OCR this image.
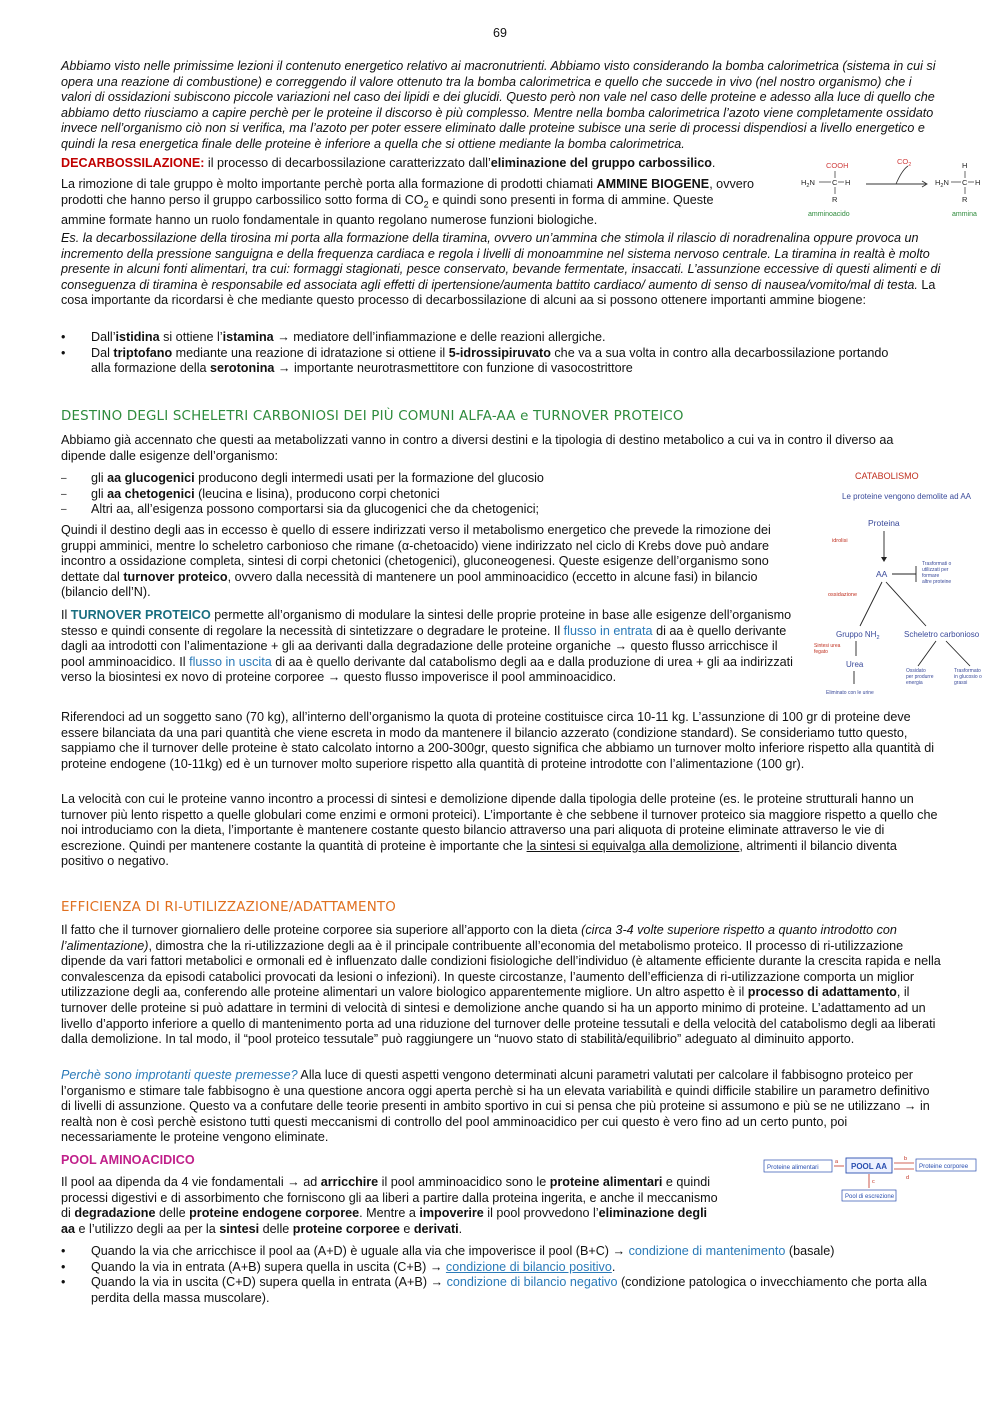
69

Abbiamo visto nelle primissime lezioni il contenuto energetico relativo ai macronutrienti. Abbiamo visto considerando la bomba calorimetrica (sistema in cui si opera una reazione di combustione) e correggendo il valore ottenuto tra la bomba calorimetrica e quello che succede in vivo (nel nostro organismo) che i valori di ossidazioni subiscono piccole variazioni nel caso dei lipidi e dei glucidi. Questo però non vale nel caso delle proteine e adesso alla luce di quello che abbiamo detto riusciamo a capire perchè per le proteine il discorso è più complesso. Mentre nella bomba calorimetrica l’azoto viene completamente ossidato invece nell’organismo ciò non si verifica, ma l’azoto per poter essere eliminato dalle proteine subisce una serie di processi dispendiosi a livello energetico e quindi la resa energetica finale delle proteine è inferiore a quella che si ottiene mediante la bomba calorimetrica.

DECARBOSSILAZIONE: il processo di decarbossilazione caratterizzato dall’eliminazione del gruppo carbossilico.

La rimozione di tale gruppo è molto importante perchè porta alla formazione di prodotti chiamati AMMINE BIOGENE, ovvero prodotti che hanno perso il gruppo carbossilico sotto forma di $CO_2$ e quindi sono presenti in forma di ammine. Queste ammine formate hanno un ruolo fondamentale in quanto regolano numerose funzioni biologiche.

COOH
$H_2N$ C H
R
amminoacido
$CO_2$	H
$H_2N$ C H
R
ammina

Es. la decarbossilazione della tirosina mi porta alla formazione della tiramina, ovvero un’ammina che stimola il rilascio di noradrenalina oppure provoca un incremento della pressione sanguigna e della frequenza cardiaca e regola i livelli di monoammine nel sistema nervoso centrale. La tiramina in realtà è molto presente in alcuni fonti alimentari, tra cui: formaggi stagionati, pesce conservato, bevande fermentate, insaccati. L’assunzione eccessive di questi alimenti e di conseguenza di tiramina è responsabile ed associata agli effetti di ipertensione/aumenta battito cardiaco/ aumento di senso di nausea/vomito/mal di testa. La cosa importante da ricordarsi è che mediante questo processo di decarbossilazione di alcuni aa si possono ottenere importanti ammine biogene:

• Dall’istidina si ottiene l’istamina → mediatore dell’infiammazione e delle reazioni allergiche.
• Dal triptofano mediante una reazione di idratazione si ottiene il 5-idrossipiruvato che va a sua volta in contro alla decarbossilazione portando alla formazione della serotonina → importante neurotrasmettitore con funzione di vasocostrittore
DESTINO DEGLI SCHELETRI CARBONIOSI DEI PIÙ COMUNI ALFA-AA e TURNOVER PROTEICO

Abbiamo già accennato che questi aa metabolizzati vanno in contro a diversi destini e la tipologia di destino metabolico a cui va in contro il diverso aa dipende dalle esigenze dell’organismo:

– gli aa glucogenici producono degli intermedi usati per la formazione del glucosio
– gli aa chetogenici (leucina e lisina), producono corpi chetonici
– Altri aa, all’esigenza possono comportarsi sia da glucogenici che da chetogenici;

Quindi il destino degli aas in eccesso è quello di essere indirizzati verso il metabolismo energetico che prevede la rimozione dei gruppi amminici, mentre lo scheletro carbonioso che rimane (α-chetoacido) viene indirizzato nel ciclo di Krebs dove può andare incontro a ossidazione completa, sintesi di corpi chetonici (chetogenici), gluconeogenesi. Queste esigenze dell’organismo sono dettate dal turnover proteico, ovvero dalla necessità di mantenere un pool amminoacidico (eccetto in alcune fasi) in bilancio (bilancio dell’N).

Il TURNOVER PROTEICO permette all’organismo di modulare la sintesi delle proprie proteine in base alle esigenze dell’organismo stesso e quindi consente di regolare la necessità di sintetizzare o degradare le proteine. Il flusso in entrata di aa è quello derivante dagli aa introdotti con l’alimentazione + gli aa derivanti dalla degradazione delle proteine organiche → questo flusso arricchisce il pool amminoacidico. Il flusso in uscita di aa è quello derivante dal catabolismo degli aa e dalla produzione di urea + gli aa indirizzati verso la biosintesi ex novo di proteine corporee → questo flusso impoverisce il pool amminoacidico.

CATABOLISMO
Le proteine vengono demolite ad AA
Proteina
idrolisi
AA
Trasformati o utilizzati per formare altre proteine
ossidazione
Gruppo $NH_2$	Scheletro carbonioso
Sintesi urea fegato
Urea
Eliminato con le urine
Ossidato per produrre energia
Trasformato in glucosio o grassi

Riferendoci ad un soggetto sano (70 kg), all’interno dell’organismo la quota di proteine costituisce circa 10-11 kg. L’assunzione di 100 gr di proteine deve essere bilanciata da una pari quantità che viene escreta in modo da mantenere il bilancio azzerato (condizione standard). Se consideriamo tutto questo, sappiamo che il turnover delle proteine è stato calcolato intorno a 200-300gr, questo significa che abbiamo un turnover molto inferiore rispetto alla quantità di proteine endogene (10-11kg) ed è un turnover molto superiore rispetto alla quantità di proteine introdotte con l’alimentazione (100 gr).

La velocità con cui le proteine vanno incontro a processi di sintesi e demolizione dipende dalla tipologia delle proteine (es. le proteine strutturali hanno un turnover più lento rispetto a quelle globulari come enzimi e ormoni proteici). L’importante è che sebbene il turnover proteico sia maggiore rispetto a quello che noi introduciamo con la dieta, l’importante è mantenere costante questo bilancio attraverso una pari aliquota di proteine eliminate attraverso le vie di escrezione. Quindi per mantenere costante la quantità di proteine è importante che la sintesi si equivalga alla demolizione, altrimenti il bilancio diventa positivo o negativo.

EFFICIENZA DI RI-UTILIZZAZIONE/ADATTAMENTO

Il fatto che il turnover giornaliero delle proteine corporee sia superiore all’apporto con la dieta (circa 3-4 volte superiore rispetto a quanto introdotto con l’alimentazione), dimostra che la ri-utilizzazione degli aa è il principale contribuente all’economia del metabolismo proteico. Il processo di ri-utilizzazione dipende da vari fattori metabolici e ormonali ed è influenzato dalle condizioni fisiologiche dell’individuo (è altamente efficiente durante la crescita rapida e nella convalescenza da episodi catabolici provocati da lesioni o infezioni). In queste circostanze, l’aumento dell’efficienza di ri-utilizzazione comporta un miglior utilizzazione degli aa, conferendo alle proteine alimentari un valore biologico apparentemente migliore. Un altro aspetto è il processo di adattamento, il turnover delle proteine si può adattare in termini di velocità di sintesi e demolizione anche quando si ha un apporto minimo di proteine. L’adattamento ad un livello d’apporto inferiore a quello di mantenimento porta ad una riduzione del turnover delle proteine tessutali e della velocità del catabolismo degli aa liberati dalla demolizione. In tal modo, il “pool proteico tessutale” può raggiungere un “nuovo stato di stabilità/equilibrio” adeguato al diminuito apporto.

Perchè sono improtanti queste premesse? Alla luce di questi aspetti vengono determinati alcuni parametri valutati per calcolare il fabbisogno proteico per l’organismo e stimare tale fabbisogno è una questione ancora oggi aperta perchè si ha un elevata variabilità e quindi difficile stabilire un parametro definitivo di livelli di assunzione. Questo va a confutare delle teorie presenti in ambito sportivo in cui si pensa che più proteine si assumono e più se ne utilizzano → in realtà non è così perchè esistono tutti questi meccanismi di controllo del pool amminoacidico per cui questo è vero fino ad un certo punto, poi necessariamente le proteine vengono eliminate.

POOL AMINOACIDICO

Il pool aa dipenda da 4 vie fondamentali → ad arricchire il pool amminoacidico sono le proteine alimentari e quindi processi digestivi e di assorbimento che forniscono gli aa liberi a partire dalla proteina ingerita, e anche il meccanismo di degradazione delle proteine endogene corporee. Mentre a impoverire il pool provvedono l’eliminazione degli aa e l’utilizzo degli aa per la sintesi delle proteine corporee e derivati.

Proteine alimentari
a POOL AA
b
d
Proteine corporee
c
Pool di escrezione
• Quando la via che arricchisce il pool aa (A+D) è uguale alla via che impoverisce il pool (B+C) → condizione di mantenimento (basale)
• Quando la via in entrata (A+B) supera quella in uscita (C+B) → condizione di bilancio positivo.
• Quando la via in uscita (C+D) supera quella in entrata (A+B) → condizione di bilancio negativo (condizione patologica o invecchiamento che porta alla perdita della massa muscolare).
